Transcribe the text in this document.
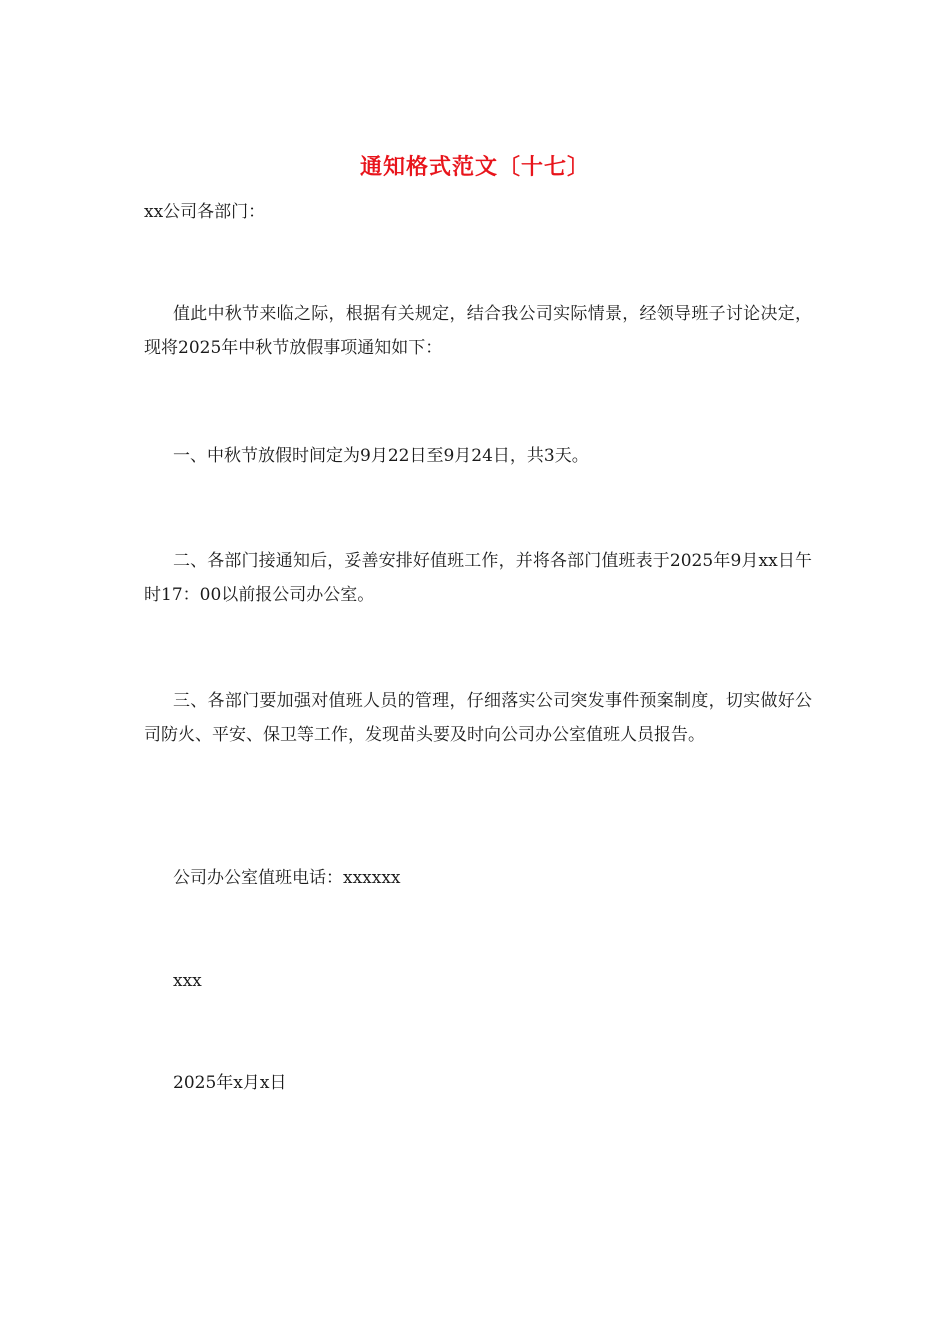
通知格式范文〔十七〕
xx公司各部门：
值此中秋节来临之际，根据有关规定，结合我公司实际情景，经领导班子讨论决定，现将2025年中秋节放假事项通知如下：
一、中秋节放假时间定为9月22日至9月24日，共3天。
二、各部门接通知后，妥善安排好值班工作，并将各部门值班表于2025年9月xx日午时17：00以前报公司办公室。
三、各部门要加强对值班人员的管理，仔细落实公司突发事件预案制度，切实做好公司防火、平安、保卫等工作，发现苗头要及时向公司办公室值班人员报告。
公司办公室值班电话：xxxxxx
xxx
2025年x月x日
